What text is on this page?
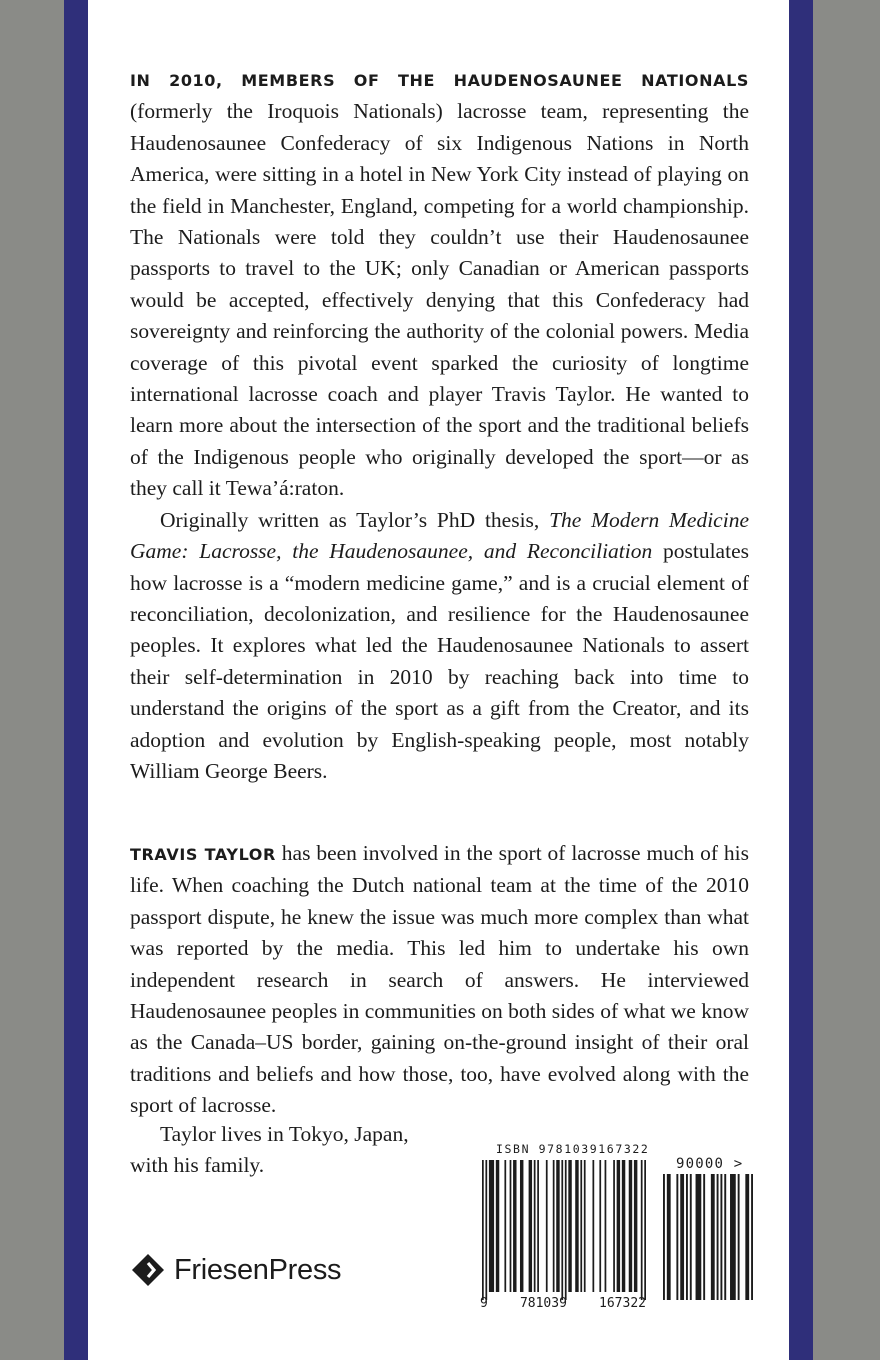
IN 2010, MEMBERS OF THE HAUDENOSAUNEE NATIONALS (formerly the Iroquois Nationals) lacrosse team, representing the Haudenosaunee Confederacy of six Indigenous Nations in North America, were sitting in a hotel in New York City instead of playing on the field in Manchester, England, competing for a world championship. The Nationals were told they couldn’t use their Haudenosaunee passports to travel to the UK; only Canadian or American passports would be accepted, effectively denying that this Confederacy had sovereignty and reinforcing the authority of the colonial powers. Media coverage of this pivotal event sparked the curiosity of longtime international lacrosse coach and player Travis Taylor. He wanted to learn more about the intersection of the sport and the traditional beliefs of the Indigenous people who originally developed the sport—or as they call it Tewa’á:raton.

Originally written as Taylor’s PhD thesis, The Modern Medicine Game: Lacrosse, the Haudenosaunee, and Reconciliation postulates how lacrosse is a “modern medicine game,” and is a crucial element of reconciliation, decolonization, and resilience for the Haudenosaunee peoples. It explores what led the Haudenosaunee Nationals to assert their self-determination in 2010 by reaching back into time to understand the origins of the sport as a gift from the Creator, and its adoption and evolution by English-speaking people, most notably William George Beers.

TRAVIS TAYLOR has been involved in the sport of lacrosse much of his life. When coaching the Dutch national team at the time of the 2010 passport dispute, he knew the issue was much more complex than what was reported by the media. This led him to undertake his own independent research in search of answers. He interviewed Haudenosaunee peoples in communities on both sides of what we know as the Canada–US border, gaining on-the-ground insight of their oral traditions and beliefs and how those, too, have evolved along with the sport of lacrosse.

Taylor lives in Tokyo, Japan,

with his family.
FriesenPress
ISBN 9781039167322
90000 >
9 781039 167322
